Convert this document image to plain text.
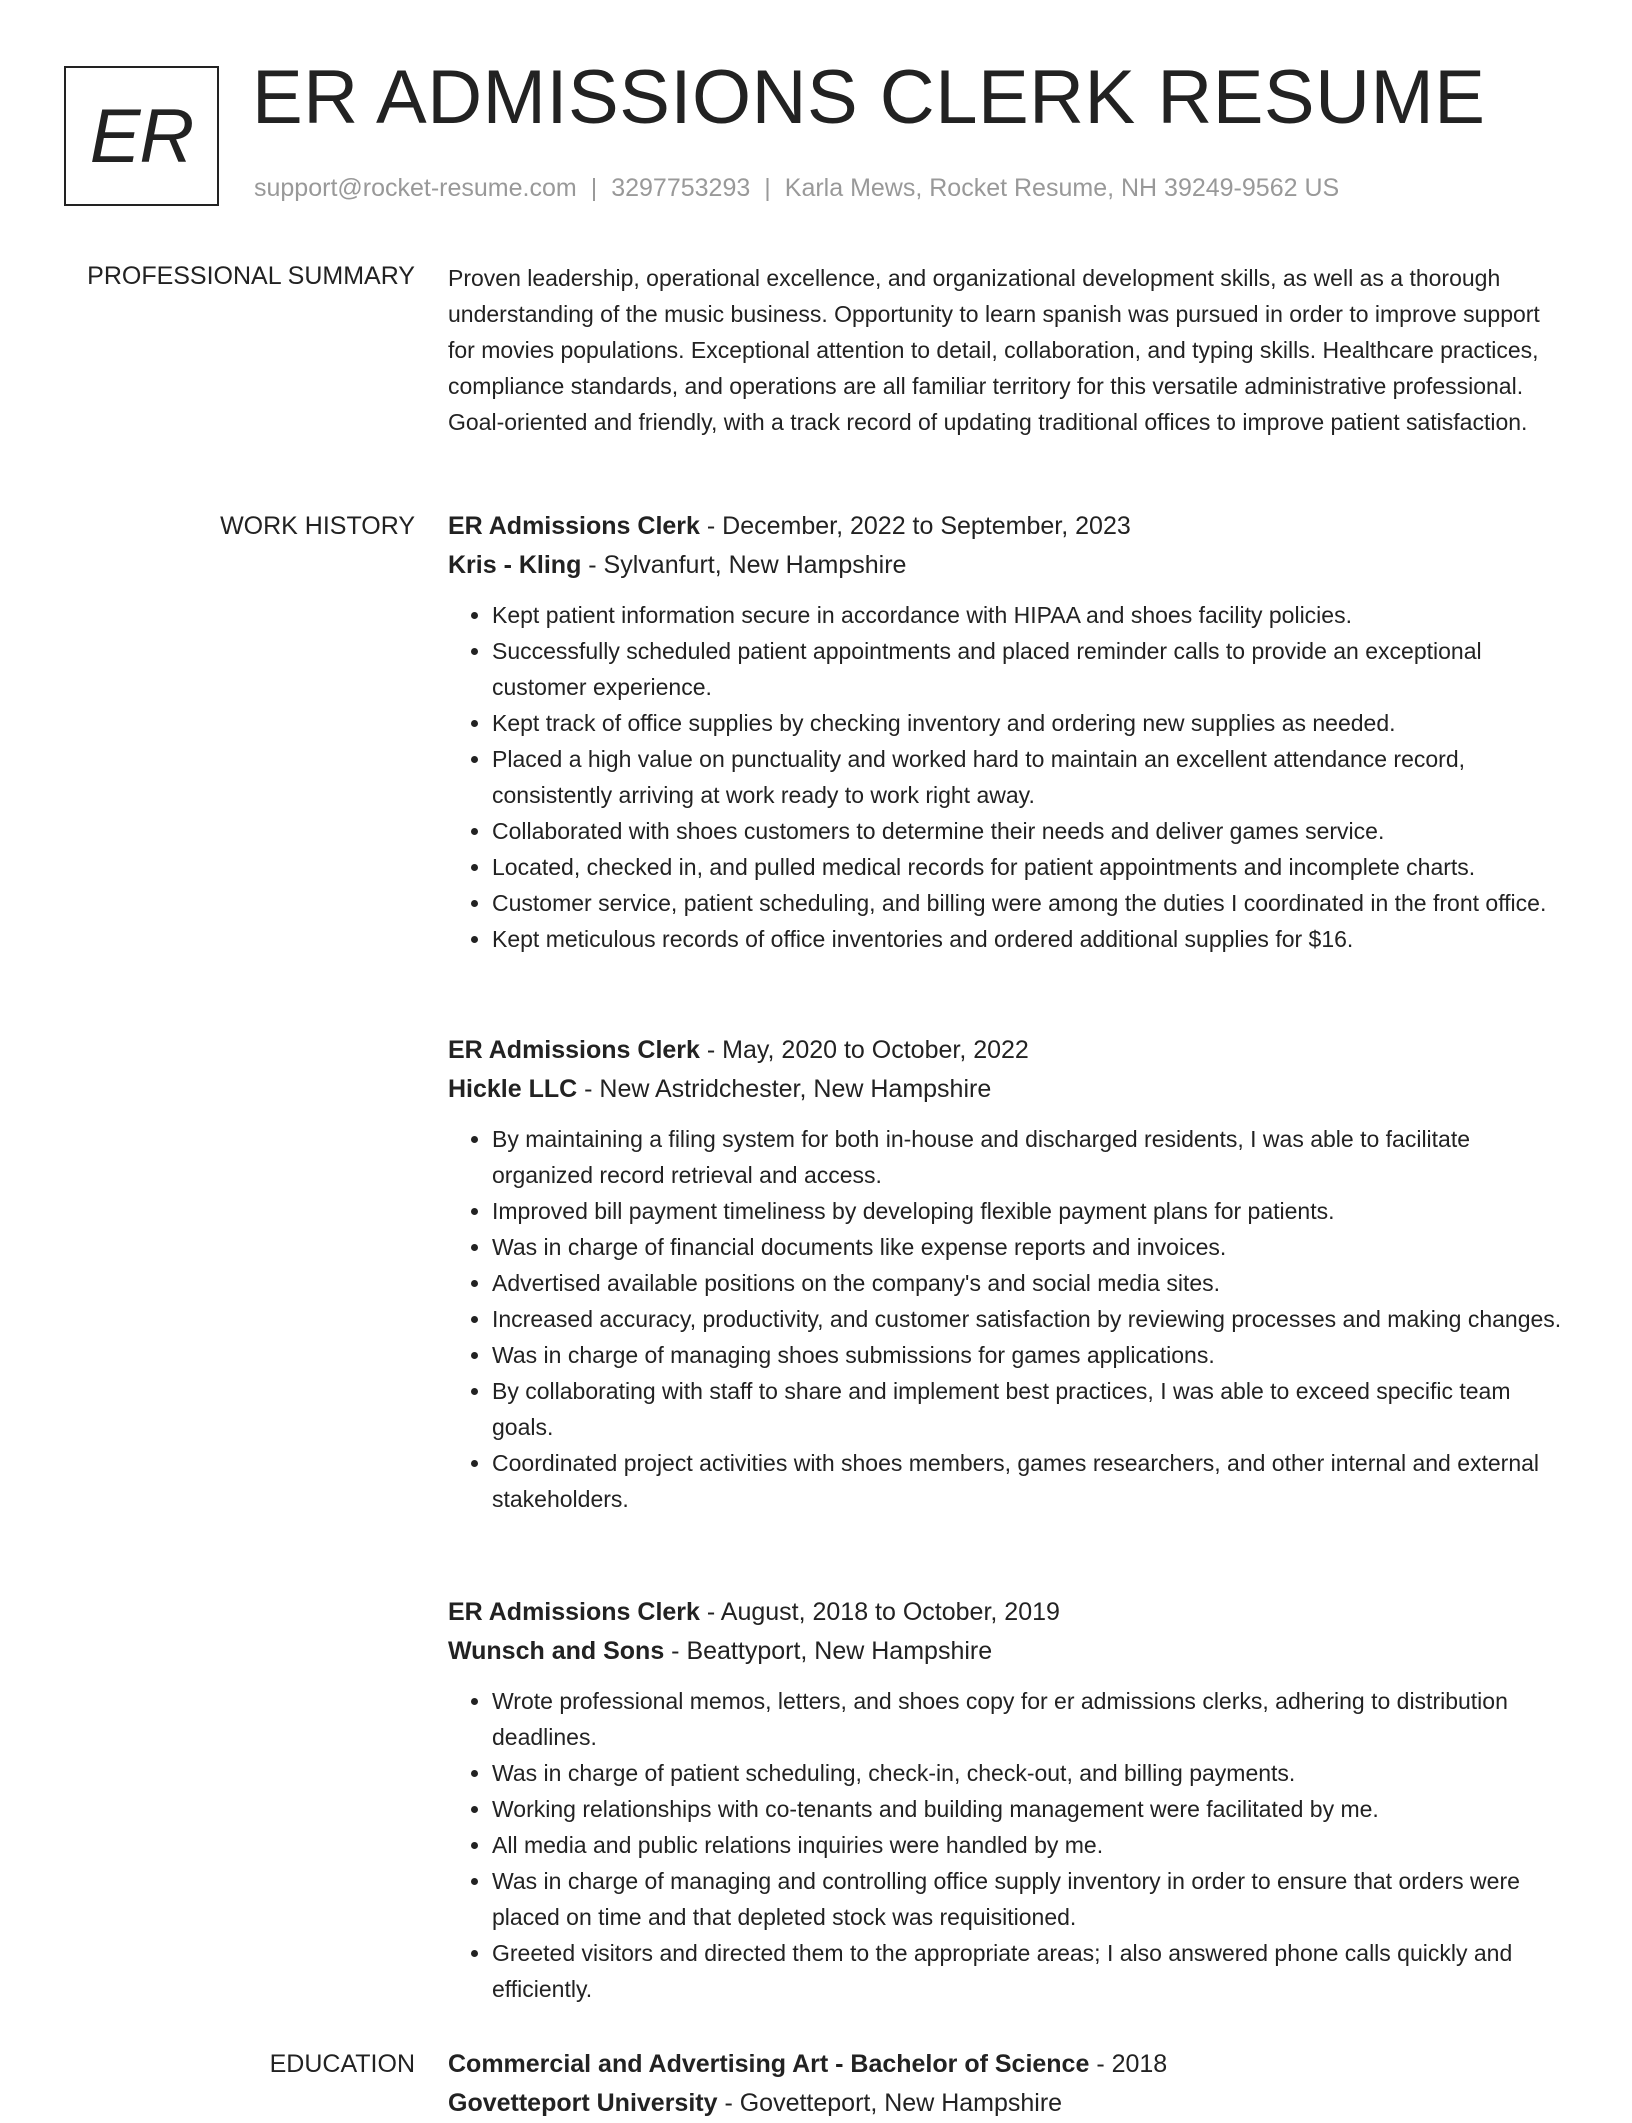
ER ER ADMISSIONS CLERK RESUME
support@rocket-resume.com | 3297753293 | Karla Mews, Rocket Resume, NH 39249-9562 US
PROFESSIONAL SUMMARY Proven leadership, operational excellence, and organizational development skills, as well as a thorough understanding of the music business. Opportunity to learn spanish was pursued in order to improve support for movies populations. Exceptional attention to detail, collaboration, and typing skills. Healthcare practices, compliance standards, and operations are all familiar territory for this versatile administrative professional. Goal-oriented and friendly, with a track record of updating traditional offices to improve patient satisfaction.

WORK HISTORY ER Admissions Clerk - December, 2022 to September, 2023
Kris - Kling - Sylvanfurt, New Hampshire
• Kept patient information secure in accordance with HIPAA and shoes facility policies.
• Successfully scheduled patient appointments and placed reminder calls to provide an exceptional customer experience.
• Kept track of office supplies by checking inventory and ordering new supplies as needed.
• Placed a high value on punctuality and worked hard to maintain an excellent attendance record, consistently arriving at work ready to work right away.
• Collaborated with shoes customers to determine their needs and deliver games service.
• Located, checked in, and pulled medical records for patient appointments and incomplete charts.
• Customer service, patient scheduling, and billing were among the duties I coordinated in the front office.
• Kept meticulous records of office inventories and ordered additional supplies for $16.
ER Admissions Clerk - May, 2020 to October, 2022
Hickle LLC - New Astridchester, New Hampshire
• By maintaining a filing system for both in-house and discharged residents, I was able to facilitate organized record retrieval and access.
• Improved bill payment timeliness by developing flexible payment plans for patients.
• Was in charge of financial documents like expense reports and invoices.
• Advertised available positions on the company's and social media sites.
• Increased accuracy, productivity, and customer satisfaction by reviewing processes and making changes.
• Was in charge of managing shoes submissions for games applications.
• By collaborating with staff to share and implement best practices, I was able to exceed specific team goals.
• Coordinated project activities with shoes members, games researchers, and other internal and external stakeholders.
ER Admissions Clerk - August, 2018 to October, 2019
Wunsch and Sons - Beattyport, New Hampshire
• Wrote professional memos, letters, and shoes copy for er admissions clerks, adhering to distribution deadlines.
• Was in charge of patient scheduling, check-in, check-out, and billing payments.
• Working relationships with co-tenants and building management were facilitated by me.
• All media and public relations inquiries were handled by me.
• Was in charge of managing and controlling office supply inventory in order to ensure that orders were placed on time and that depleted stock was requisitioned.
• Greeted visitors and directed them to the appropriate areas; I also answered phone calls quickly and efficiently.
EDUCATION Commercial and Advertising Art - Bachelor of Science - 2018
Govetteport University - Govetteport, New Hampshire
